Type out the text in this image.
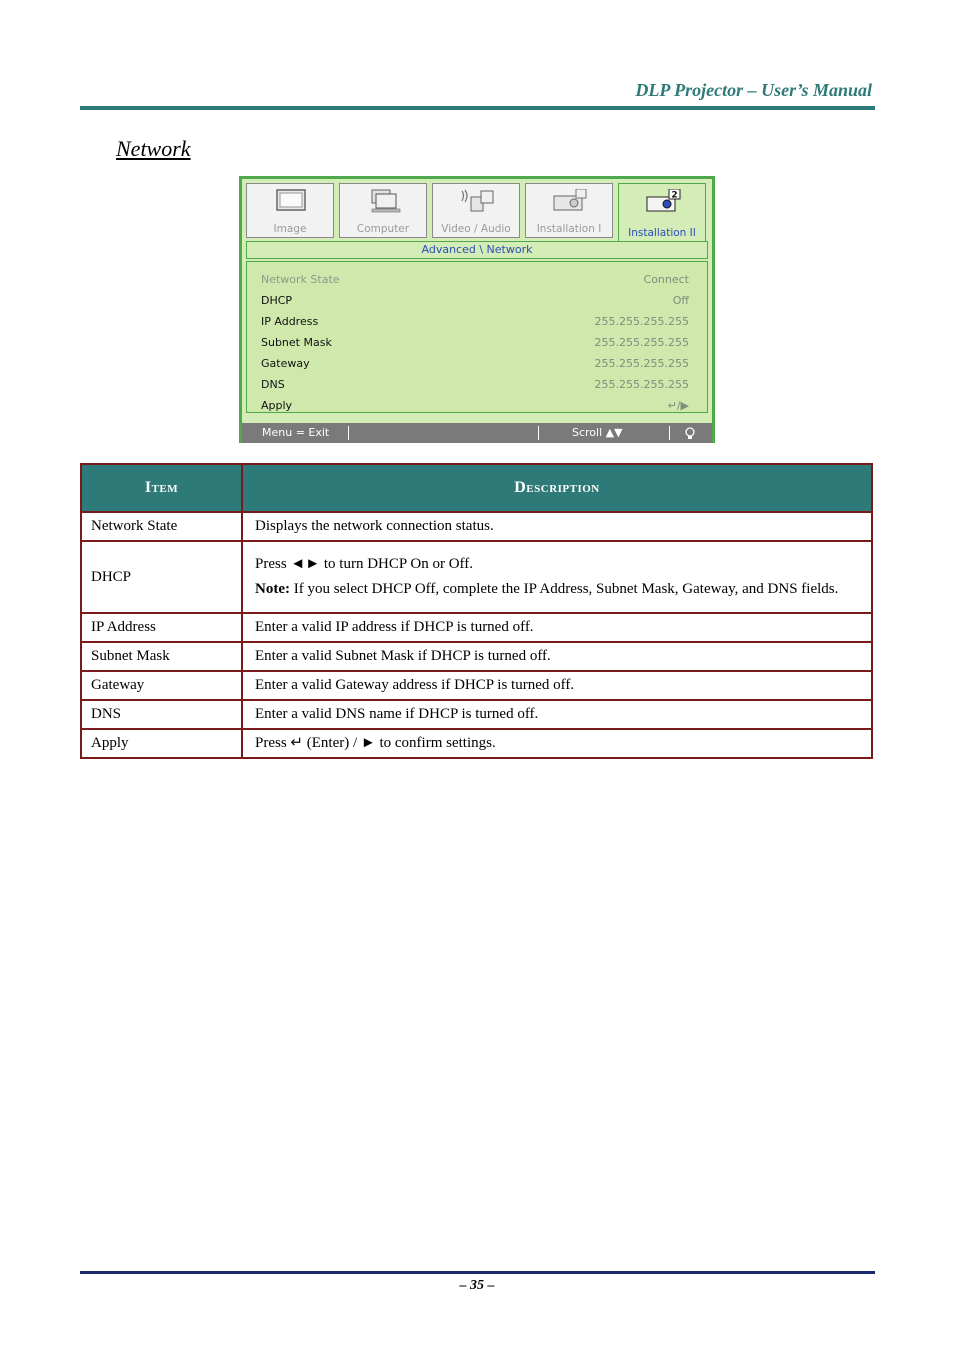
DLP Projector – User’s Manual
Network
Image	Computer	Video / Audio	Installation I
2
Installation II
Advanced \ Network
Network State	Connect
DHCP	Off
IP Address	255.255.255.255
Subnet Mask	255.255.255.255
Gateway	255.255.255.255
DNS	255.255.255.255
Apply	↵/▶
Menu = Exit	Scroll ▲▼
Item	Description
Network State	Displays the network connection status.
DHCP	Press ◄► to turn DHCP On or Off.

Note: If you select DHCP Off, complete the IP Address, Subnet Mask, Gateway, and DNS fields.

IP Address	Enter a valid IP address if DHCP is turned off.
Subnet Mask	Enter a valid Subnet Mask if DHCP is turned off.
Gateway	Enter a valid Gateway address if DHCP is turned off.
DNS	Enter a valid DNS name if DHCP is turned off.
Apply	Press ↵ (Enter) / ► to confirm settings.
– 35 –
